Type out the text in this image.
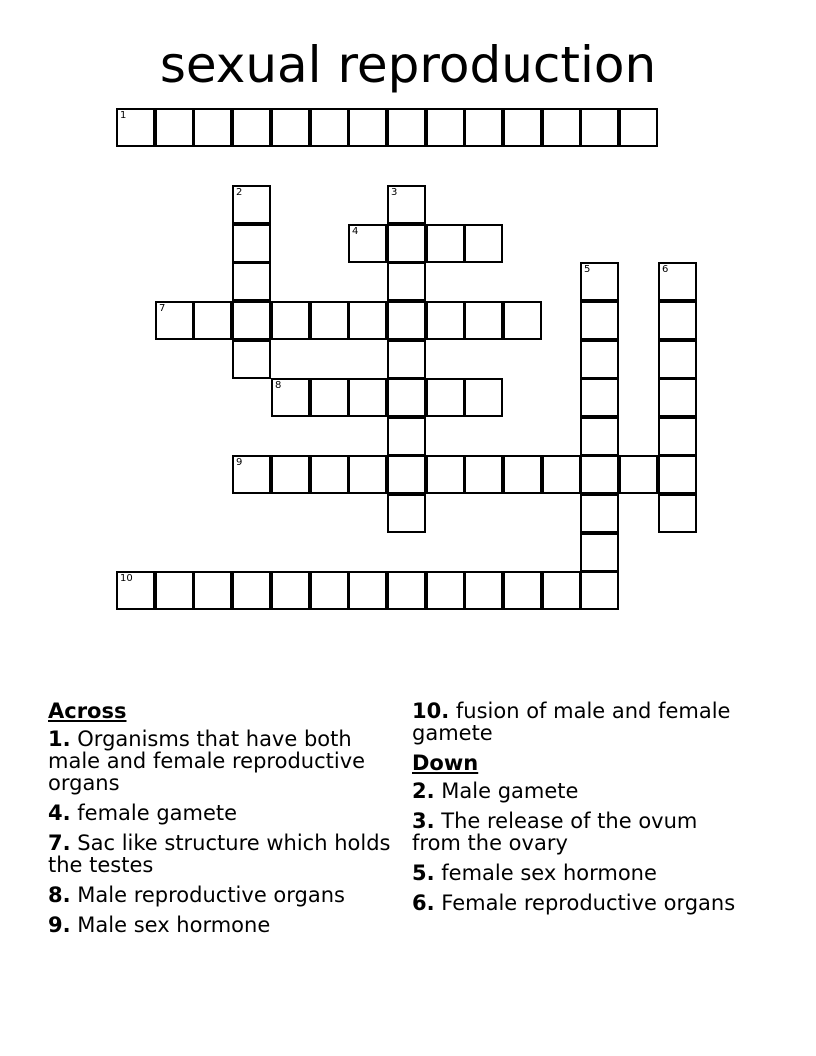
sexual reproduction
1
2	3
4
5	6
7
8
9
10
Across
1. Organisms that have both male and female reproductive organs
4. female gamete
7. Sac like structure which holds the testes
8. Male reproductive organs
9. Male sex hormone
10. fusion of male and female gamete
Down
2. Male gamete
3. The release of the ovum from the ovary
5. female sex hormone
6. Female reproductive organs
